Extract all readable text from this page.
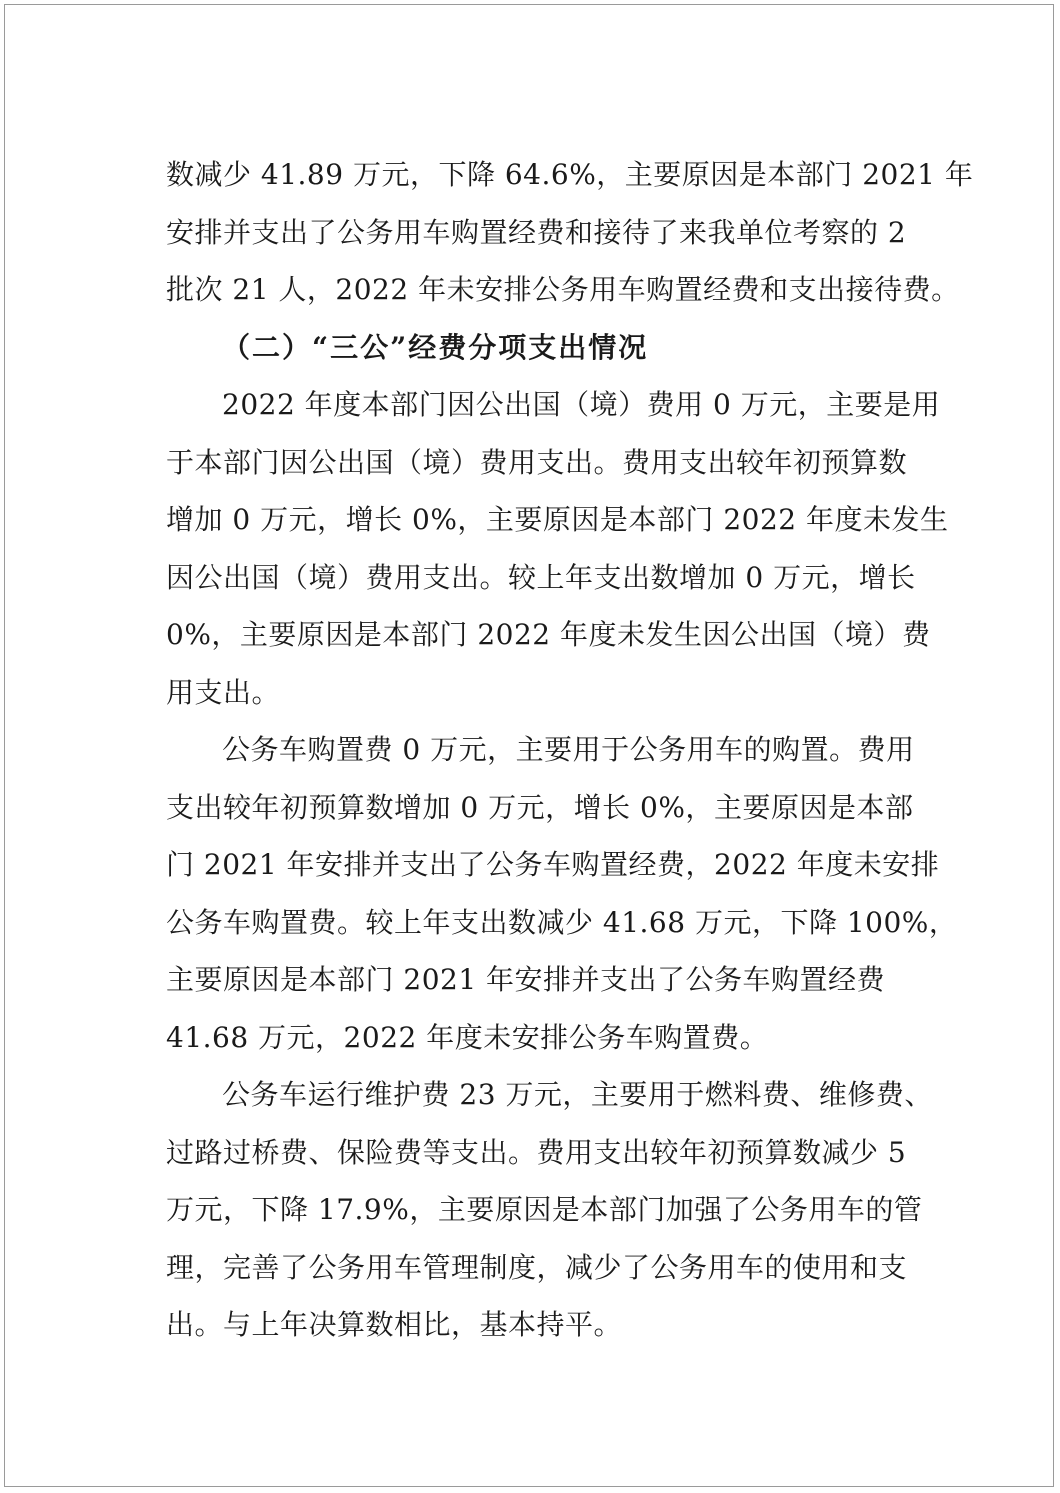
数减少 41.89 万元，下降 64.6%，主要原因是本部门 2021 年
安排并支出了公务用车购置经费和接待了来我单位考察的 2
批次 21 人，2022 年未安排公务用车购置经费和支出接待费。
（二）“三公”经费分项支出情况
2022 年度本部门因公出国（境）费用 0 万元，主要是用
于本部门因公出国（境）费用支出。费用支出较年初预算数
增加 0 万元，增长 0%，主要原因是本部门 2022 年度未发生
因公出国（境）费用支出。较上年支出数增加 0 万元，增长
0%，主要原因是本部门 2022 年度未发生因公出国（境）费
用支出。
公务车购置费 0 万元，主要用于公务用车的购置。费用
支出较年初预算数增加 0 万元，增长 0%，主要原因是本部
门 2021 年安排并支出了公务车购置经费，2022 年度未安排
公务车购置费。较上年支出数减少 41.68 万元，下降 100%，
主要原因是本部门 2021 年安排并支出了公务车购置经费
41.68 万元，2022 年度未安排公务车购置费。
公务车运行维护费 23 万元，主要用于燃料费、维修费、
过路过桥费、保险费等支出。费用支出较年初预算数减少 5
万元，下降 17.9%，主要原因是本部门加强了公务用车的管
理，完善了公务用车管理制度，减少了公务用车的使用和支
出。与上年决算数相比，基本持平。
